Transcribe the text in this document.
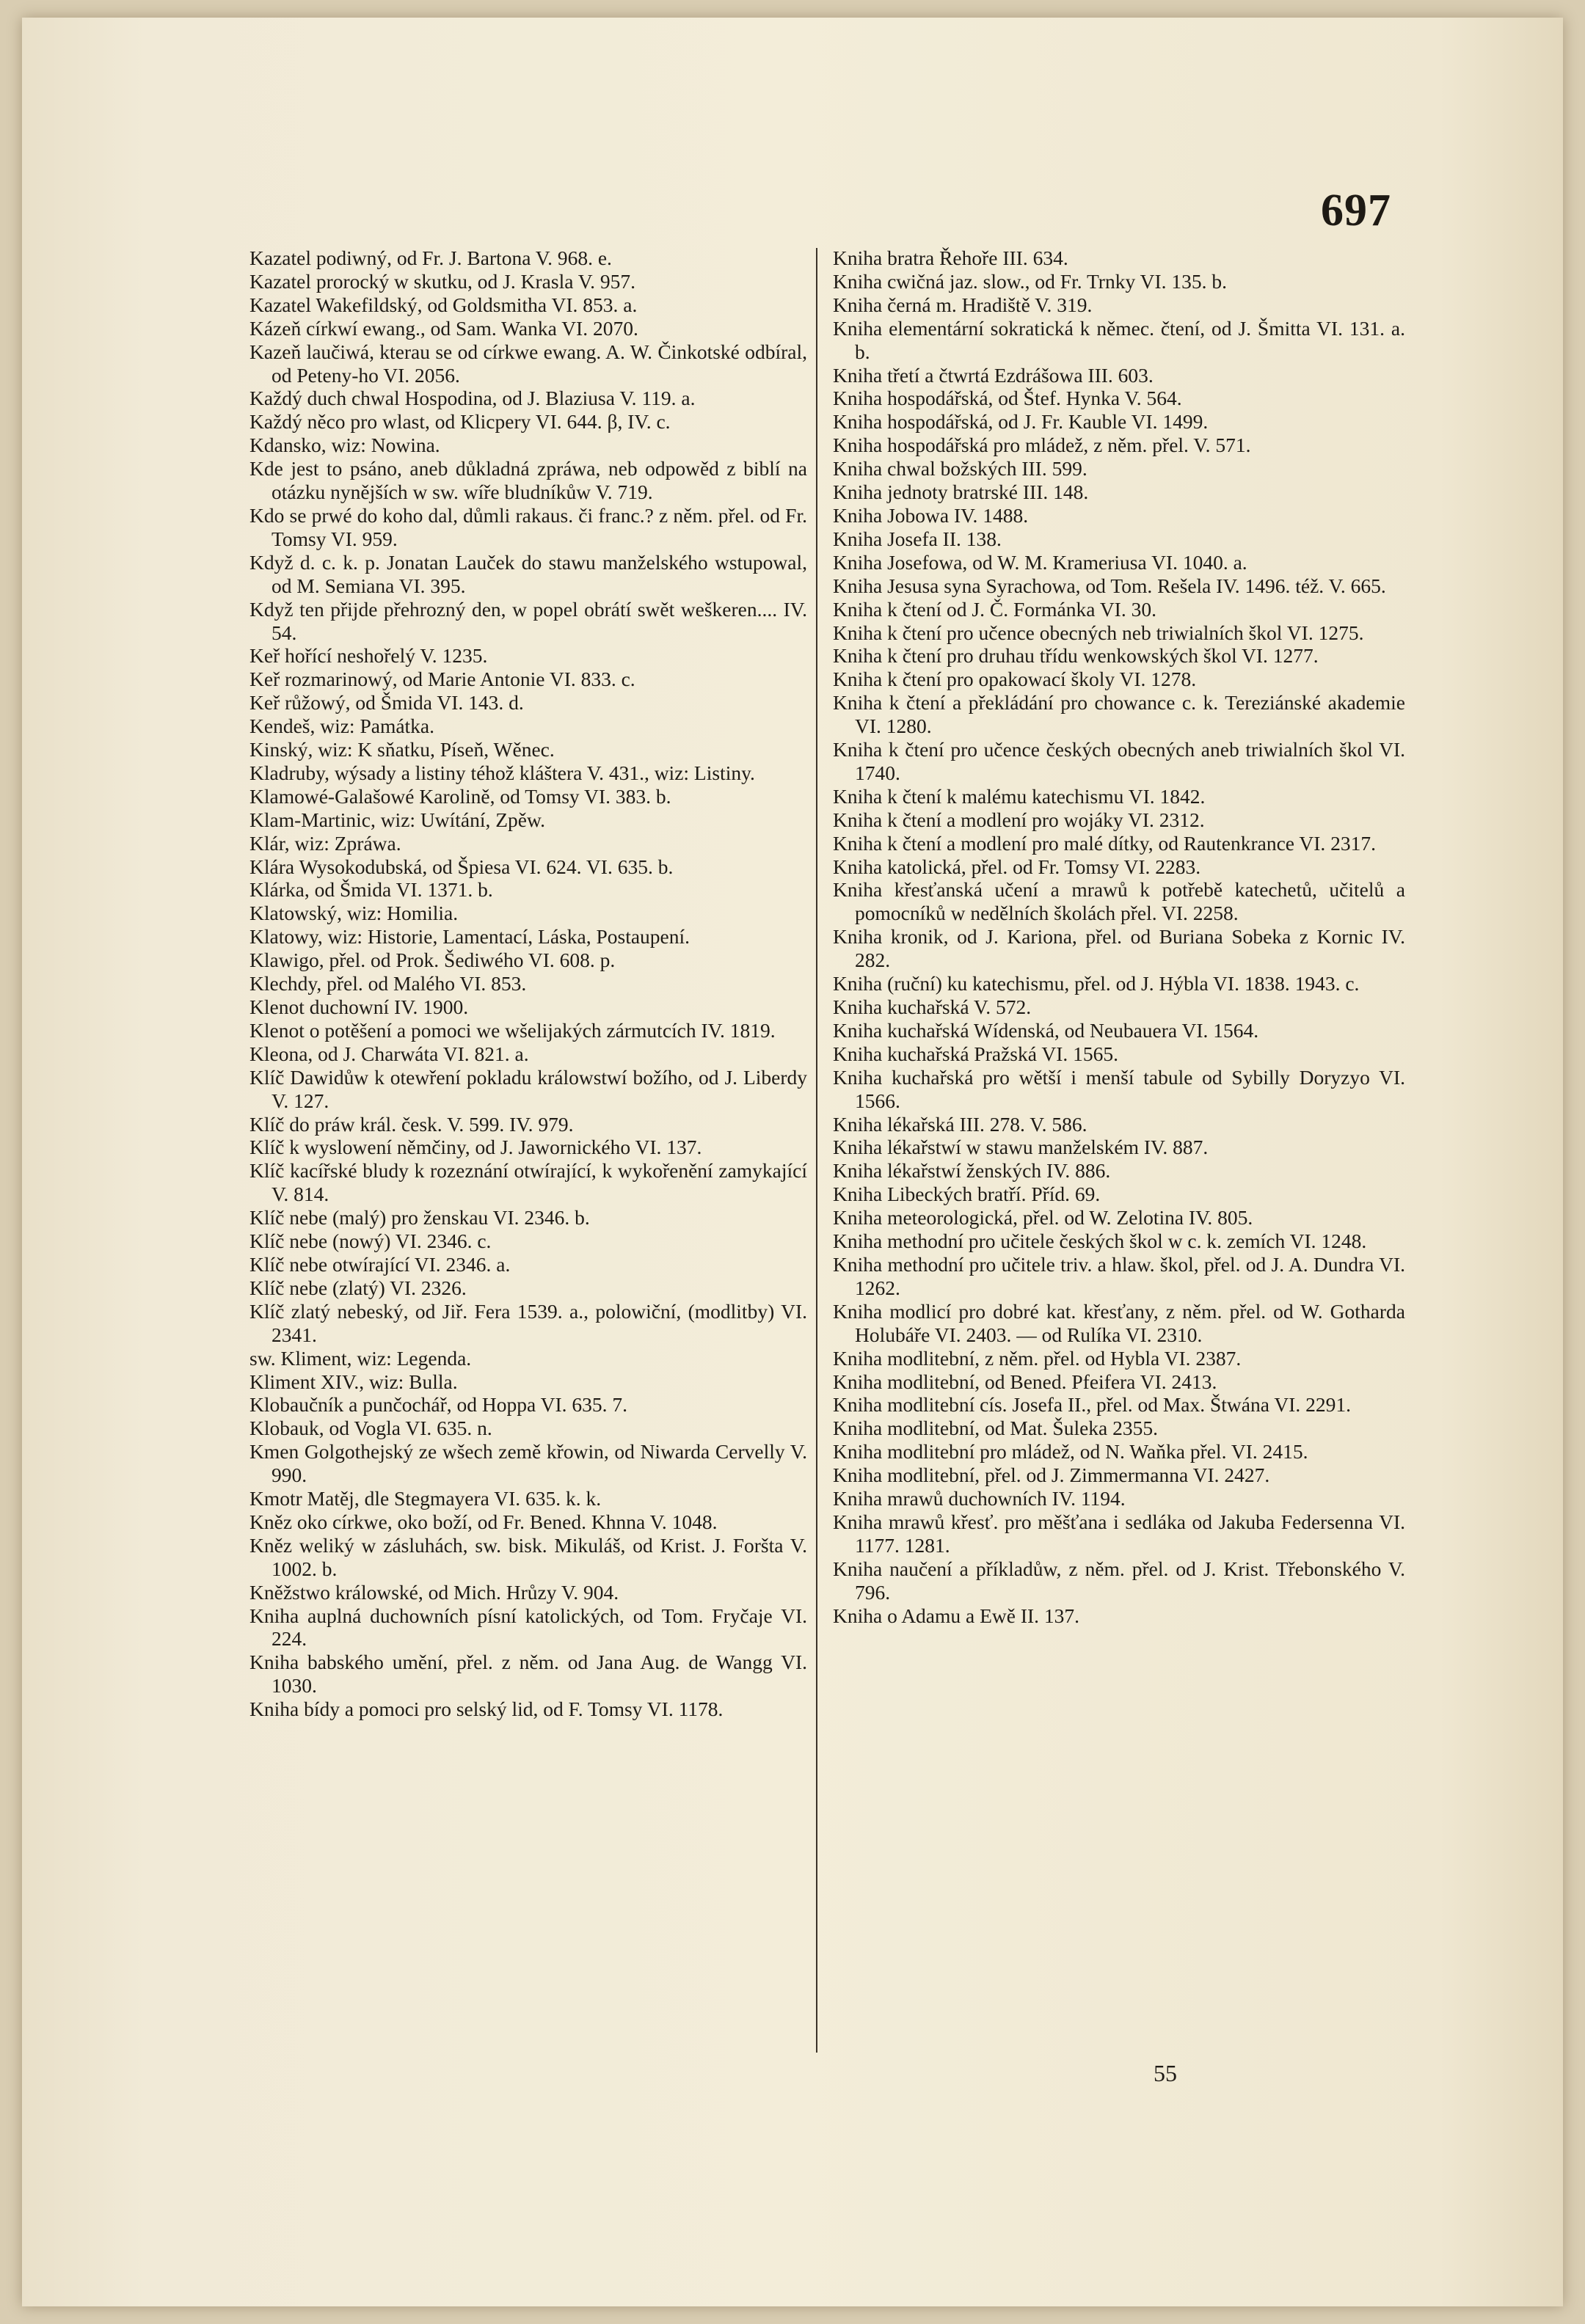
697

Kazatel podiwný, od Fr. J. Bartona V. 968. e.

Kazatel prorocký w skutku, od J. Krasla V. 957.

Kazatel Wakefildský, od Goldsmitha VI. 853. a.

Kázeň církwí ewang., od Sam. Wanka VI. 2070.

Kazeň laučiwá, kterau se od církwe ewang. A. W. Činkotské odbíral, od Peteny-ho VI. 2056.

Každý duch chwal Hospodina, od J. Blaziusa V. 119. a.

Každý něco pro wlast, od Klicpery VI. 644. β, IV. c.

Kdansko, wiz: Nowina.

Kde jest to psáno, aneb důkladná zpráwa, neb odpowěd z biblí na otázku nynějších w sw. wíře bludníkůw V. 719.

Kdo se prwé do koho dal, důmli rakaus. či franc.? z něm. přel. od Fr. Tomsy VI. 959.

Když d. c. k. p. Jonatan Lauček do stawu manželského wstupowal, od M. Semiana VI. 395.

Když ten přijde přehrozný den, w popel obrátí swět weškeren.... IV. 54.

Keř hořící neshořelý V. 1235.

Keř rozmarinowý, od Marie Antonie VI. 833. c.

Keř růžowý, od Šmida VI. 143. d.

Kendeš, wiz: Památka.

Kinský, wiz: K sňatku, Píseň, Wěnec.

Kladruby, wýsady a listiny téhož kláštera V. 431., wiz: Listiny.

Klamowé-Galašowé Karolině, od Tomsy VI. 383. b.

Klam-Martinic, wiz: Uwítání, Zpěw.

Klár, wiz: Zpráwa.

Klára Wysokodubská, od Špiesa VI. 624. VI. 635. b.

Klárka, od Šmida VI. 1371. b.

Klatowský, wiz: Homilia.

Klatowy, wiz: Historie, Lamentací, Láska, Postaupení.

Klawigo, přel. od Prok. Šediwého VI. 608. p.

Klechdy, přel. od Malého VI. 853.

Klenot duchowní IV. 1900.

Klenot o potěšení a pomoci we wšelijakých zármutcích IV. 1819.

Kleona, od J. Charwáta VI. 821. a.

Klíč Dawidůw k otewření pokladu králowstwí božího, od J. Liberdy V. 127.

Klíč do práw král. česk. V. 599. IV. 979.

Klíč k wyslowení němčiny, od J. Jawornického VI. 137.

Klíč kacířské bludy k rozeznání otwírající, k wykořenění zamykající V. 814.

Klíč nebe (malý) pro ženskau VI. 2346. b.

Klíč nebe (nowý) VI. 2346. c.

Klíč nebe otwírající VI. 2346. a.

Klíč nebe (zlatý) VI. 2326.

Klíč zlatý nebeský, od Jiř. Fera 1539. a., polowiční, (modlitby) VI. 2341.

sw. Kliment, wiz: Legenda.

Kliment XIV., wiz: Bulla.

Klobaučník a punčochář, od Hoppa VI. 635. 7.

Klobauk, od Vogla VI. 635. n.

Kmen Golgothejský ze wšech země křowin, od Niwarda Cervelly V. 990.

Kmotr Matěj, dle Stegmayera VI. 635. k. k.

Kněz oko církwe, oko boží, od Fr. Bened. Khnna V. 1048.

Kněz weliký w zásluhách, sw. bisk. Mikuláš, od Krist. J. Foršta V. 1002. b.

Kněžstwo králowské, od Mich. Hrůzy V. 904.

Kniha auplná duchowních písní katolických, od Tom. Fryčaje VI. 224.

Kniha babského umění, přel. z něm. od Jana Aug. de Wangg VI. 1030.

Kniha bídy a pomoci pro selský lid, od F. Tomsy VI. 1178.

Kniha bratra Řehoře III. 634.

Kniha cwičná jaz. slow., od Fr. Trnky VI. 135. b.

Kniha černá m. Hradiště V. 319.

Kniha elementární sokratická k němec. čtení, od J. Šmitta VI. 131. a. b.

Kniha třetí a čtwrtá Ezdrášowa III. 603.

Kniha hospodářská, od Štef. Hynka V. 564.

Kniha hospodářská, od J. Fr. Kauble VI. 1499.

Kniha hospodářská pro mládež, z něm. přel. V. 571.

Kniha chwal božských III. 599.

Kniha jednoty bratrské III. 148.

Kniha Jobowa IV. 1488.

Kniha Josefa II. 138.

Kniha Josefowa, od W. M. Krameriusa VI. 1040. a.

Kniha Jesusa syna Syrachowa, od Tom. Rešela IV. 1496. též. V. 665.

Kniha k čtení od J. Č. Formánka VI. 30.

Kniha k čtení pro učence obecných neb triwialních škol VI. 1275.

Kniha k čtení pro druhau třídu wenkowských škol VI. 1277.

Kniha k čtení pro opakowací školy VI. 1278.

Kniha k čtení a překládání pro chowance c. k. Tereziánské akademie VI. 1280.

Kniha k čtení pro učence českých obecných aneb triwialních škol VI. 1740.

Kniha k čtení k malému katechismu VI. 1842.

Kniha k čtení a modlení pro wojáky VI. 2312.

Kniha k čtení a modlení pro malé dítky, od Rautenkrance VI. 2317.

Kniha katolická, přel. od Fr. Tomsy VI. 2283.

Kniha křesťanská učení a mrawů k potřebě katechetů, učitelů a pomocníků w nedělních školách přel. VI. 2258.

Kniha kronik, od J. Kariona, přel. od Buriana Sobeka z Kornic IV. 282.

Kniha (ruční) ku katechismu, přel. od J. Hýbla VI. 1838. 1943. c.

Kniha kuchařská V. 572.

Kniha kuchařská Wídenská, od Neubauera VI. 1564.

Kniha kuchařská Pražská VI. 1565.

Kniha kuchařská pro wětší i menší tabule od Sybilly Doryzyo VI. 1566.

Kniha lékařská III. 278. V. 586.

Kniha lékařstwí w stawu manželském IV. 887.

Kniha lékařstwí ženských IV. 886.

Kniha Libeckých bratří. Příd. 69.

Kniha meteorologická, přel. od W. Zelotina IV. 805.

Kniha methodní pro učitele českých škol w c. k. zemích VI. 1248.

Kniha methodní pro učitele triv. a hlaw. škol, přel. od J. A. Dundra VI. 1262.

Kniha modlicí pro dobré kat. křesťany, z něm. přel. od W. Gotharda Holubáře VI. 2403. — od Rulíka VI. 2310.

Kniha modlitební, z něm. přel. od Hybla VI. 2387.

Kniha modlitební, od Bened. Pfeifera VI. 2413.

Kniha modlitební cís. Josefa II., přel. od Max. Štwána VI. 2291.

Kniha modlitební, od Mat. Šuleka 2355.

Kniha modlitební pro mládež, od N. Waňka přel. VI. 2415.

Kniha modlitební, přel. od J. Zimmermanna VI. 2427.

Kniha mrawů duchowních IV. 1194.

Kniha mrawů křesť. pro měšťana i sedláka od Jakuba Federsenna VI. 1177. 1281.

Kniha naučení a příkladůw, z něm. přel. od J. Krist. Třebonského V. 796.

Kniha o Adamu a Ewě II. 137.

55
